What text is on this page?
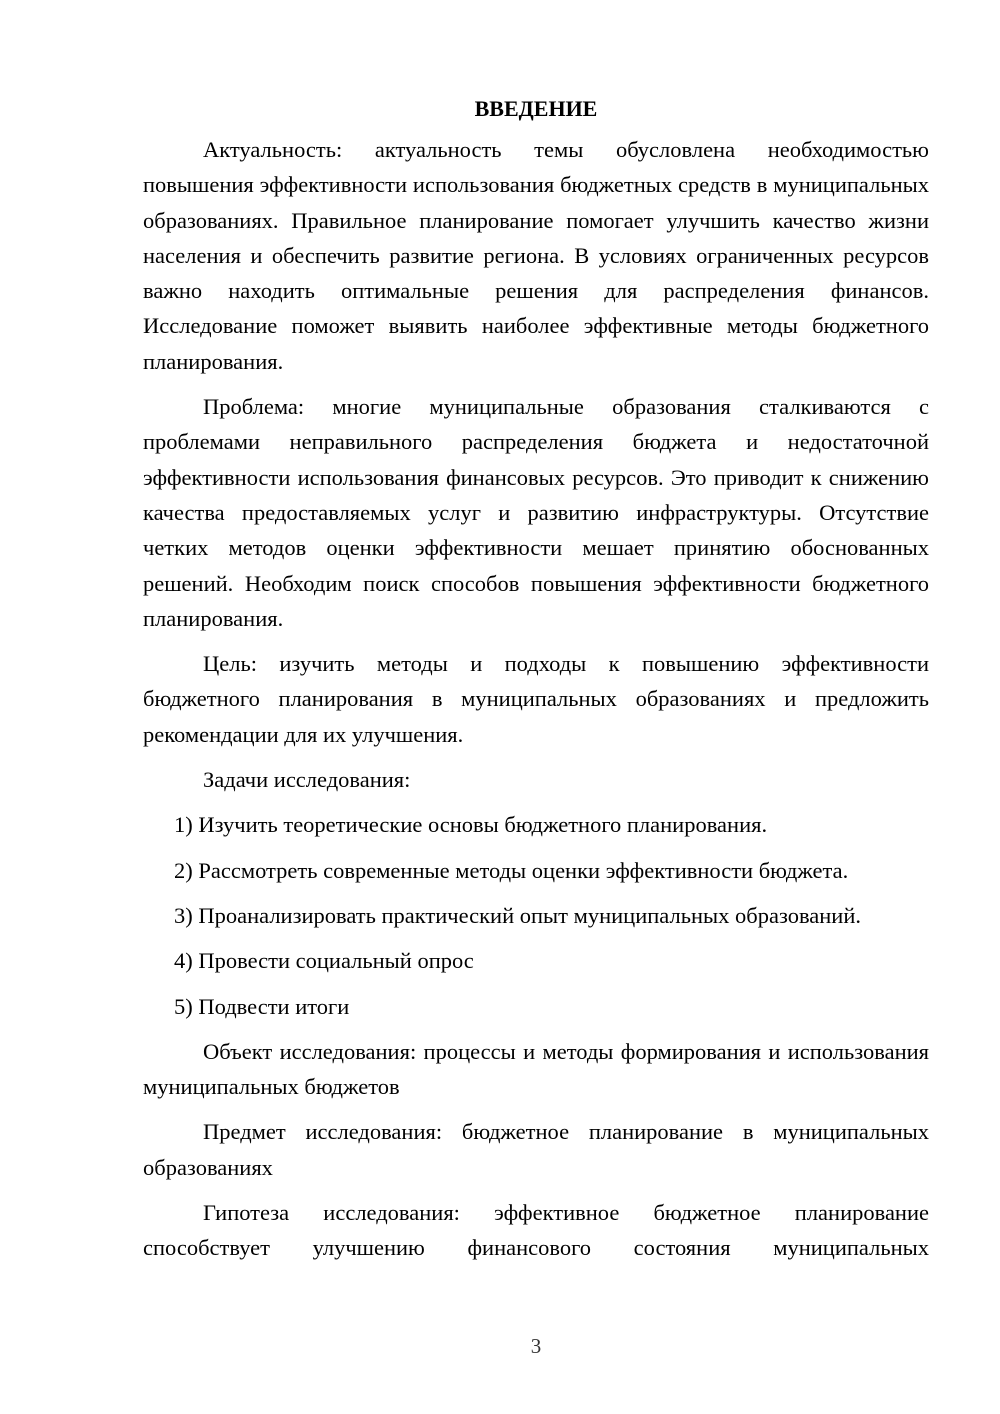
ВВЕДЕНИЕ

Актуальность: актуальность темы обусловлена необходимостью повышения эффективности использования бюджетных средств в муниципальных образованиях. Правильное планирование помогает улучшить качество жизни населения и обеспечить развитие региона. В условиях ограниченных ресурсов важно находить оптимальные решения для распределения финансов. Исследование поможет выявить наиболее эффективные методы бюджетного планирования.

Проблема: многие муниципальные образования сталкиваются с проблемами неправильного распределения бюджета и недостаточной эффективности использования финансовых ресурсов. Это приводит к снижению качества предоставляемых услуг и развитию инфраструктуры. Отсутствие четких методов оценки эффективности мешает принятию обоснованных решений. Необходим поиск способов повышения эффективности бюджетного планирования.

Цель: изучить методы и подходы к повышению эффективности бюджетного планирования в муниципальных образованиях и предложить рекомендации для их улучшения.

Задачи исследования:

1) Изучить теоретические основы бюджетного планирования.

2) Рассмотреть современные методы оценки эффективности бюджета.

3) Проанализировать практический опыт муниципальных образований.

4) Провести социальный опрос

5) Подвести итоги

Объект исследования: процессы и методы формирования и использования муниципальных бюджетов

Предмет исследования: бюджетное планирование в муниципальных образованиях

Гипотеза исследования: эффективное бюджетное планирование способствует улучшению финансового состояния муниципальных

3
